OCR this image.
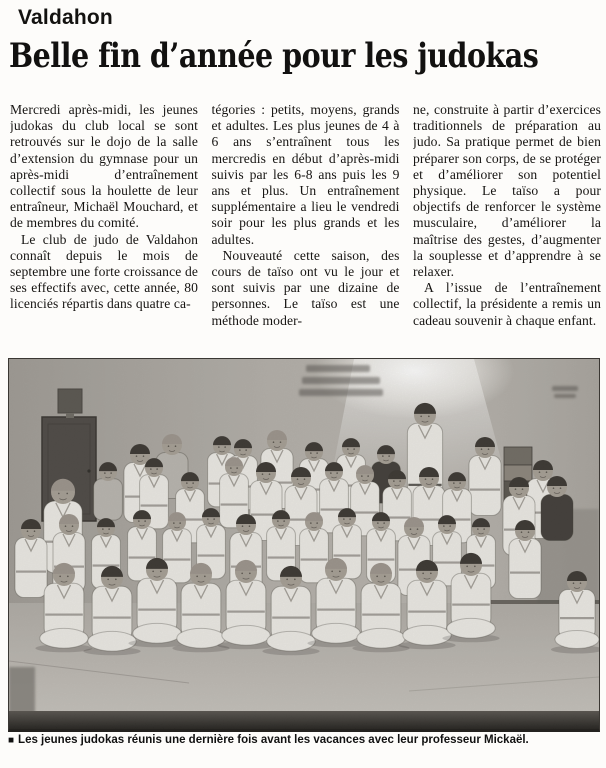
Valdahon
Belle fin d’année pour les judokas

Mercredi après-midi, les jeunes judokas du club local se sont retrouvés sur le dojo de la salle d’extension du gymnase pour un après-midi d’entraînement collectif sous la houlette de leur entraîneur, Michaël Mouchard, et de membres du comité.

Le club de judo de Valdahon connaît depuis le mois de septembre une forte croissance de ses effectifs avec, cette année, 80 licenciés répartis dans quatre ca-

tégories : petits, moyens, grands et adultes. Les plus jeunes de 4 à 6 ans s’entraînent tous les mercredis en début d’après-midi suivis par les 6-8 ans puis les 9 ans et plus. Un entraînement supplémentaire a lieu le vendredi soir pour les plus grands et les adultes.

Nouveauté cette saison, des cours de taïso ont vu le jour et sont suivis par une dizaine de personnes. Le taïso est une méthode moder-

ne, construite à partir d’exercices traditionnels de préparation au judo. Sa pratique permet de bien préparer son corps, de se protéger et d’améliorer son potentiel physique. Le taïso a pour objectifs de renforcer le système musculaire, d’améliorer la maîtrise des gestes, d’augmenter la souplesse et d’apprendre à se relaxer.

A l’issue de l’entraînement collectif, la présidente a remis un cadeau souvenir à chaque enfant.

■ Les jeunes judokas réunis une dernière fois avant les vacances avec leur professeur Mickaël.
